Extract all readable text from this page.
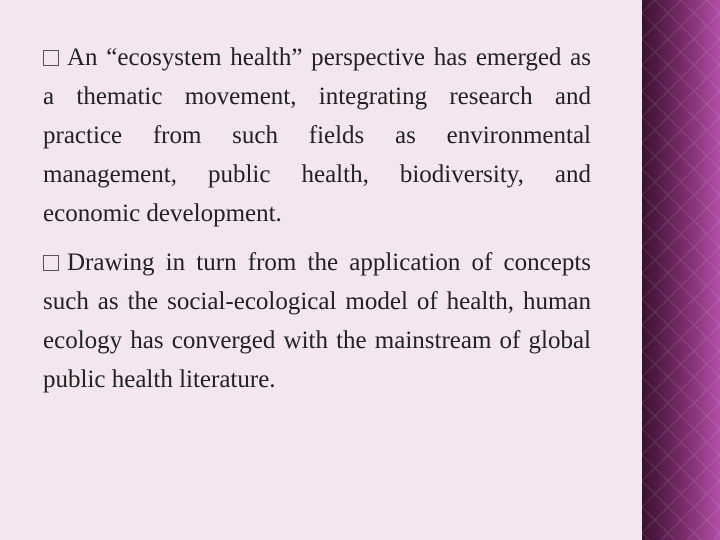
An “ecosystem health” perspective has emerged as a thematic movement, integrating research and practice from such fields as environmental management, public health, biodiversity, and economic development.

Drawing in turn from the application of concepts such as the social-ecological model of health, human ecology has converged with the mainstream of global public health literature.
